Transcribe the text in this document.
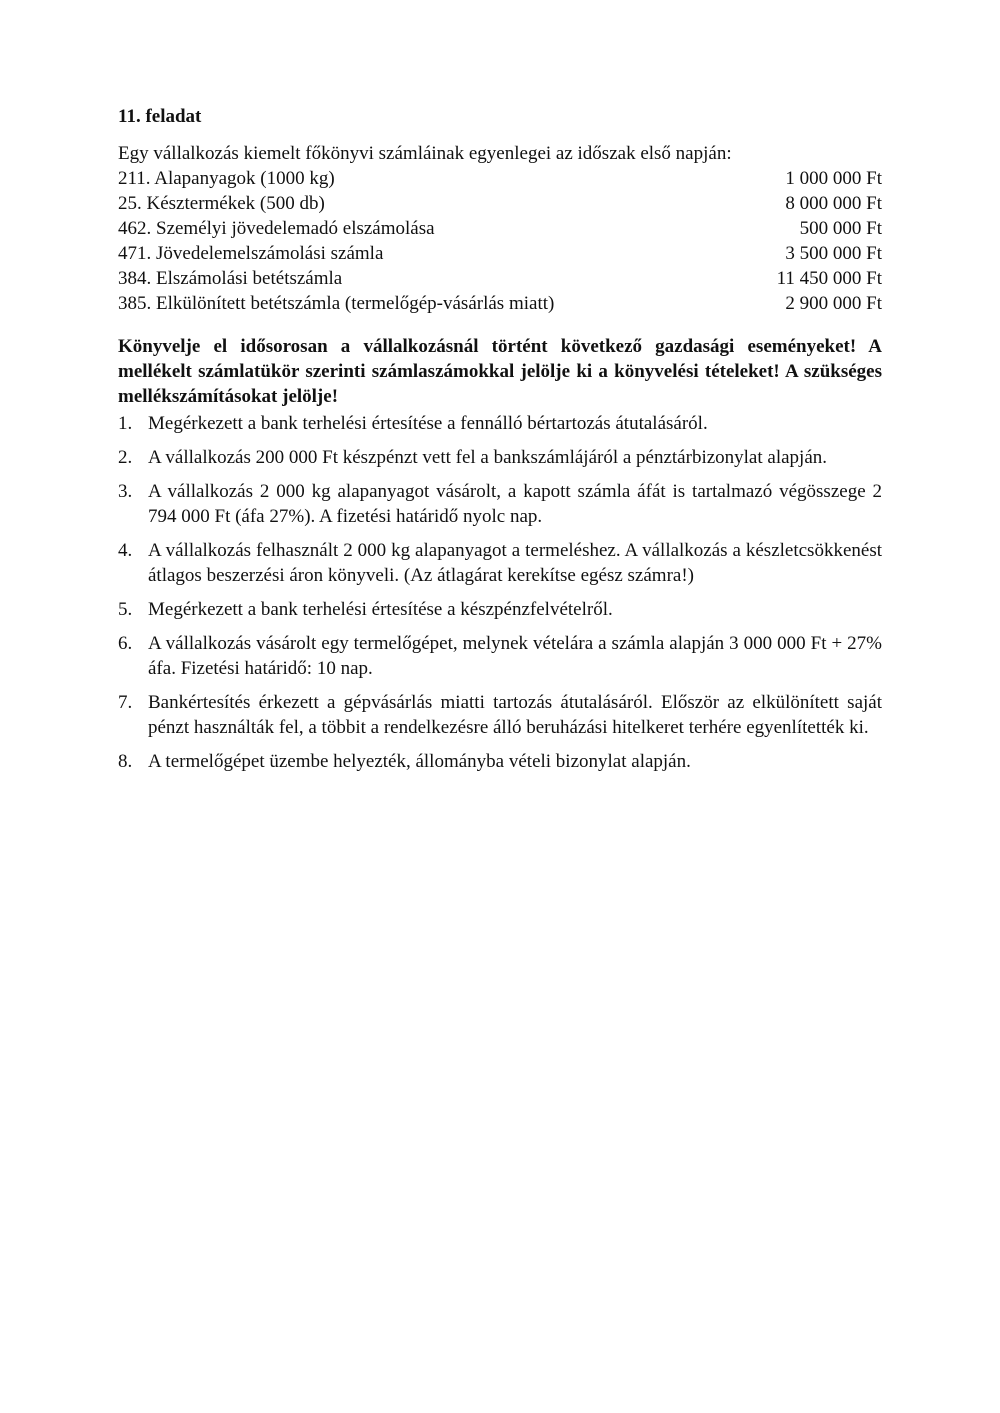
11. feladat
Egy vállalkozás kiemelt főkönyvi számláinak egyenlegei az időszak első napján:
211. Alapanyagok (1000 kg)	1 000 000 Ft
25. Késztermékek (500 db)	8 000 000 Ft
462. Személyi jövedelemadó elszámolása	500 000 Ft
471. Jövedelemelszámolási számla	3 500 000 Ft
384. Elszámolási betétszámla	11 450 000 Ft
385. Elkülönített betétszámla (termelőgép-vásárlás miatt)	2 900 000 Ft
Könyvelje el idősorosan a vállalkozásnál történt következő gazdasági eseményeket! A mellékelt számlatükör szerinti számlaszámokkal jelölje ki a könyvelési tételeket! A szükséges mellékszámításokat jelölje!
1. Megérkezett a bank terhelési értesítése a fennálló bértartozás átutalásáról.
2. A vállalkozás 200 000 Ft készpénzt vett fel a bankszámlájáról a pénztárbizonylat alapján.
3. A vállalkozás 2 000 kg alapanyagot vásárolt, a kapott számla áfát is tartalmazó végösszege 2 794 000 Ft (áfa 27%). A fizetési határidő nyolc nap.
4. A vállalkozás felhasznált 2 000 kg alapanyagot a termeléshez. A vállalkozás a készletcsökkenést átlagos beszerzési áron könyveli. (Az átlagárat kerekítse egész számra!)
5. Megérkezett a bank terhelési értesítése a készpénzfelvételről.
6. A vállalkozás vásárolt egy termelőgépet, melynek vételára a számla alapján 3 000 000 Ft + 27% áfa. Fizetési határidő: 10 nap.
7. Bankértesítés érkezett a gépvásárlás miatti tartozás átutalásáról. Először az elkülönített saját pénzt használták fel, a többit a rendelkezésre álló beruházási hitelkeret terhére egyenlítették ki.
8. A termelőgépet üzembe helyezték, állományba vételi bizonylat alapján.
